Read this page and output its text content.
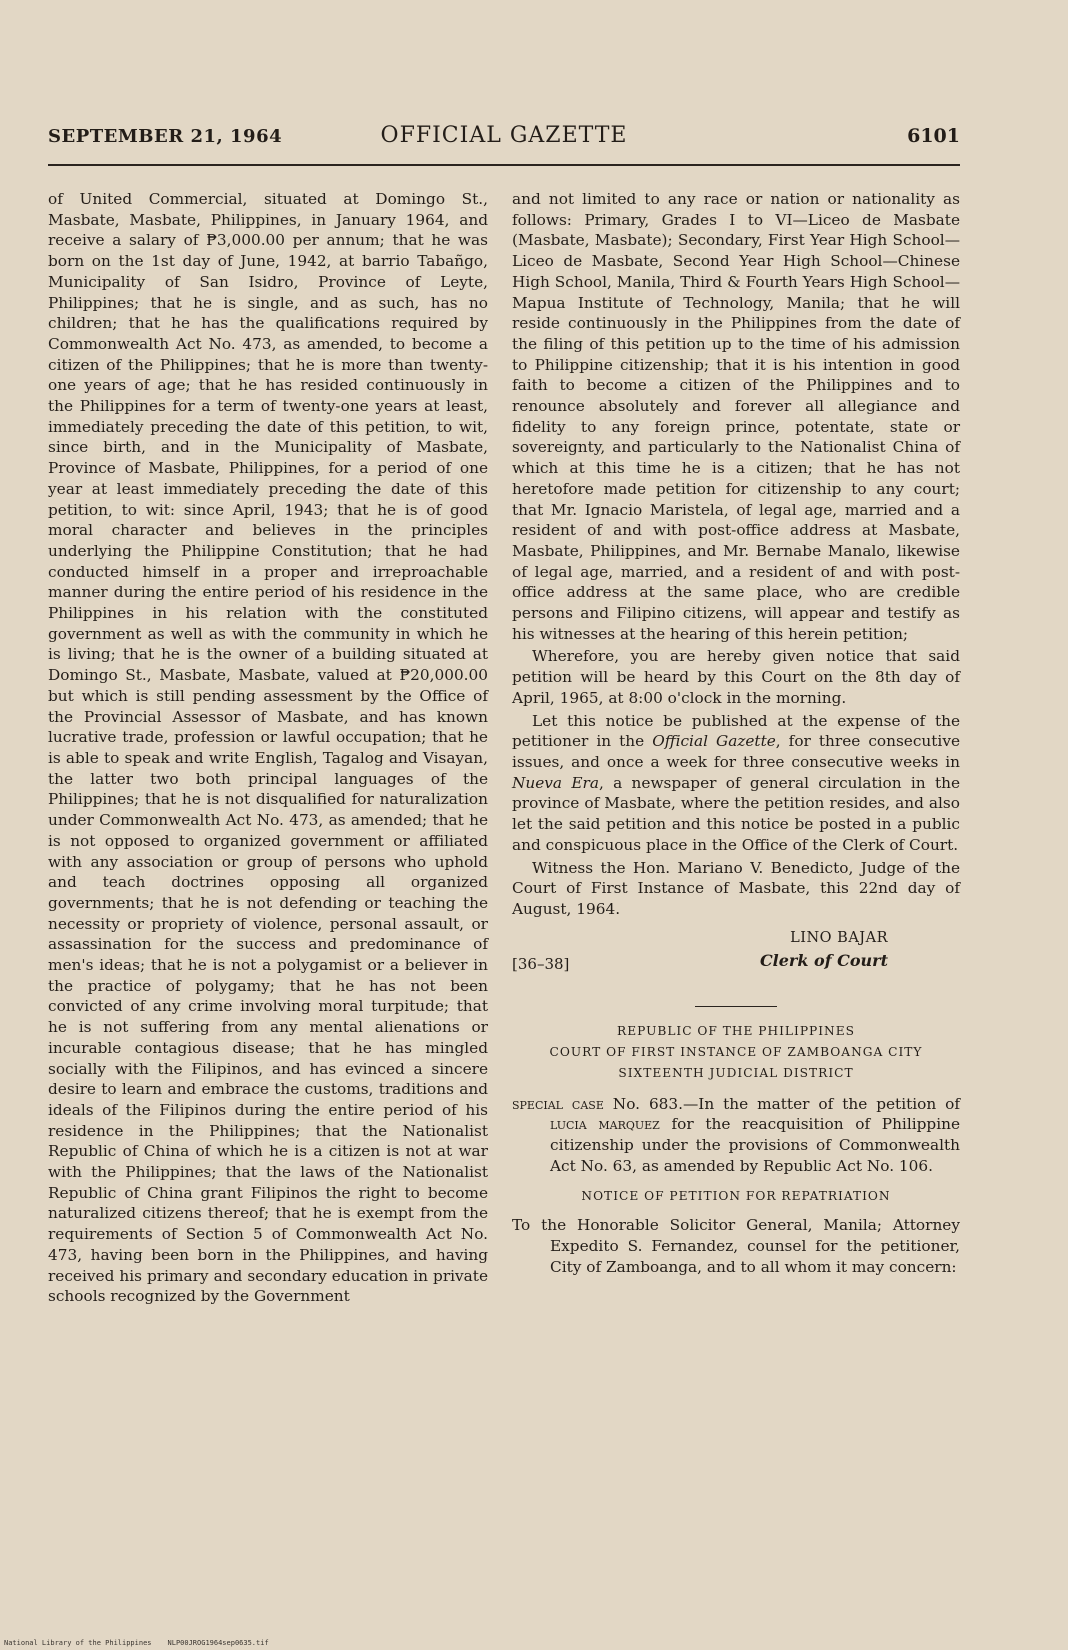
OFFICIAL GAZETTE
SEPTEMBER 21, 1964	6101

of United Commercial, situated at Domingo St., Masbate, Masbate, Philippines, in January 1964, and receive a salary of ₱3,000.00 per annum; that he was born on the 1st day of June, 1942, at barrio Tabañgo, Municipality of San Isidro, Province of Leyte, Philippines; that he is single, and as such, has no children; that he has the qualifications required by Commonwealth Act No. 473, as amended, to become a citizen of the Philippines; that he is more than twenty-one years of age; that he has resided continuously in the Philippines for a term of twenty-one years at least, immediately preceding the date of this petition, to wit, since birth, and in the Municipality of Masbate, Province of Masbate, Philippines, for a period of one year at least immediately preceding the date of this petition, to wit: since April, 1943; that he is of good moral character and believes in the principles underlying the Philippine Constitution; that he had conducted himself in a proper and irreproachable manner during the entire period of his residence in the Philippines in his relation with the constituted government as well as with the community in which he is living; that he is the owner of a building situated at Domingo St., Masbate, Masbate, valued at ₱20,000.00 but which is still pending assessment by the Office of the Provincial Assessor of Masbate, and has known lucrative trade, profession or lawful occupation; that he is able to speak and write English, Tagalog and Visayan, the latter two both principal languages of the Philippines; that he is not disqualified for naturalization under Commonwealth Act No. 473, as amended; that he is not opposed to organized government or affiliated with any association or group of persons who uphold and teach doctrines opposing all organized governments; that he is not defending or teaching the necessity or propriety of violence, personal assault, or assassination for the success and predominance of men's ideas; that he is not a polygamist or a believer in the practice of polygamy; that he has not been convicted of any crime involving moral turpitude; that he is not suffering from any mental alienations or incurable contagious disease; that he has mingled socially with the Filipinos, and has evinced a sincere desire to learn and embrace the customs, traditions and ideals of the Filipinos during the entire period of his residence in the Philippines; that the Nationalist Republic of China of which he is a citizen is not at war with the Philippines; that the laws of the Nationalist Republic of China grant Filipinos the right to become naturalized citizens thereof; that he is exempt from the requirements of Section 5 of Commonwealth Act No. 473, having been born in the Philippines, and having received his primary and secondary education in private schools recognized by the Government

and not limited to any race or nation or nationality as follows: Primary, Grades I to VI—Liceo de Masbate (Masbate, Masbate); Secondary, First Year High School—Liceo de Masbate, Second Year High School—Chinese High School, Manila, Third & Fourth Years High School—Mapua Institute of Technology, Manila; that he will reside continuously in the Philippines from the date of the filing of this petition up to the time of his admission to Philippine citizenship; that it is his intention in good faith to become a citizen of the Philippines and to renounce absolutely and forever all allegiance and fidelity to any foreign prince, potentate, state or sovereignty, and particularly to the Nationalist China of which at this time he is a citizen; that he has not heretofore made petition for citizenship to any court; that Mr. Ignacio Maristela, of legal age, married and a resident of and with post-office address at Masbate, Masbate, Philippines, and Mr. Bernabe Manalo, likewise of legal age, married, and a resident of and with post-office address at the same place, who are credible persons and Filipino citizens, will appear and testify as his witnesses at the hearing of this herein petition;

Wherefore, you are hereby given notice that said petition will be heard by this Court on the 8th day of April, 1965, at 8:00 o'clock in the morning.

Let this notice be published at the expense of the petitioner in the Official Gazette, for three consecutive issues, and once a week for three consecutive weeks in Nueva Era, a newspaper of general circulation in the province of Masbate, where the petition resides, and also let the said petition and this notice be posted in a public and conspicuous place in the Office of the Clerk of Court.

Witness the Hon. Mariano V. Benedicto, Judge of the Court of First Instance of Masbate, this 22nd day of August, 1964.

LINO BAJAR
Clerk of Court
[36–38]
REPUBLIC OF THE PHILIPPINES
COURT OF FIRST INSTANCE OF ZAMBOANGA CITY
SIXTEENTH JUDICIAL DISTRICT

special case No. 683.—In the matter of the petition of lucia marquez for the reacquisition of Philippine citizenship under the provisions of Commonwealth Act No. 63, as amended by Republic Act No. 106.

NOTICE OF PETITION FOR REPATRIATION

To the Honorable Solicitor General, Manila; Attorney Expedito S. Fernandez, counsel for the petitioner, City of Zamboanga, and to all whom it may concern:

National Library of the Philippines NLP00JROG1964sep0635.tif
